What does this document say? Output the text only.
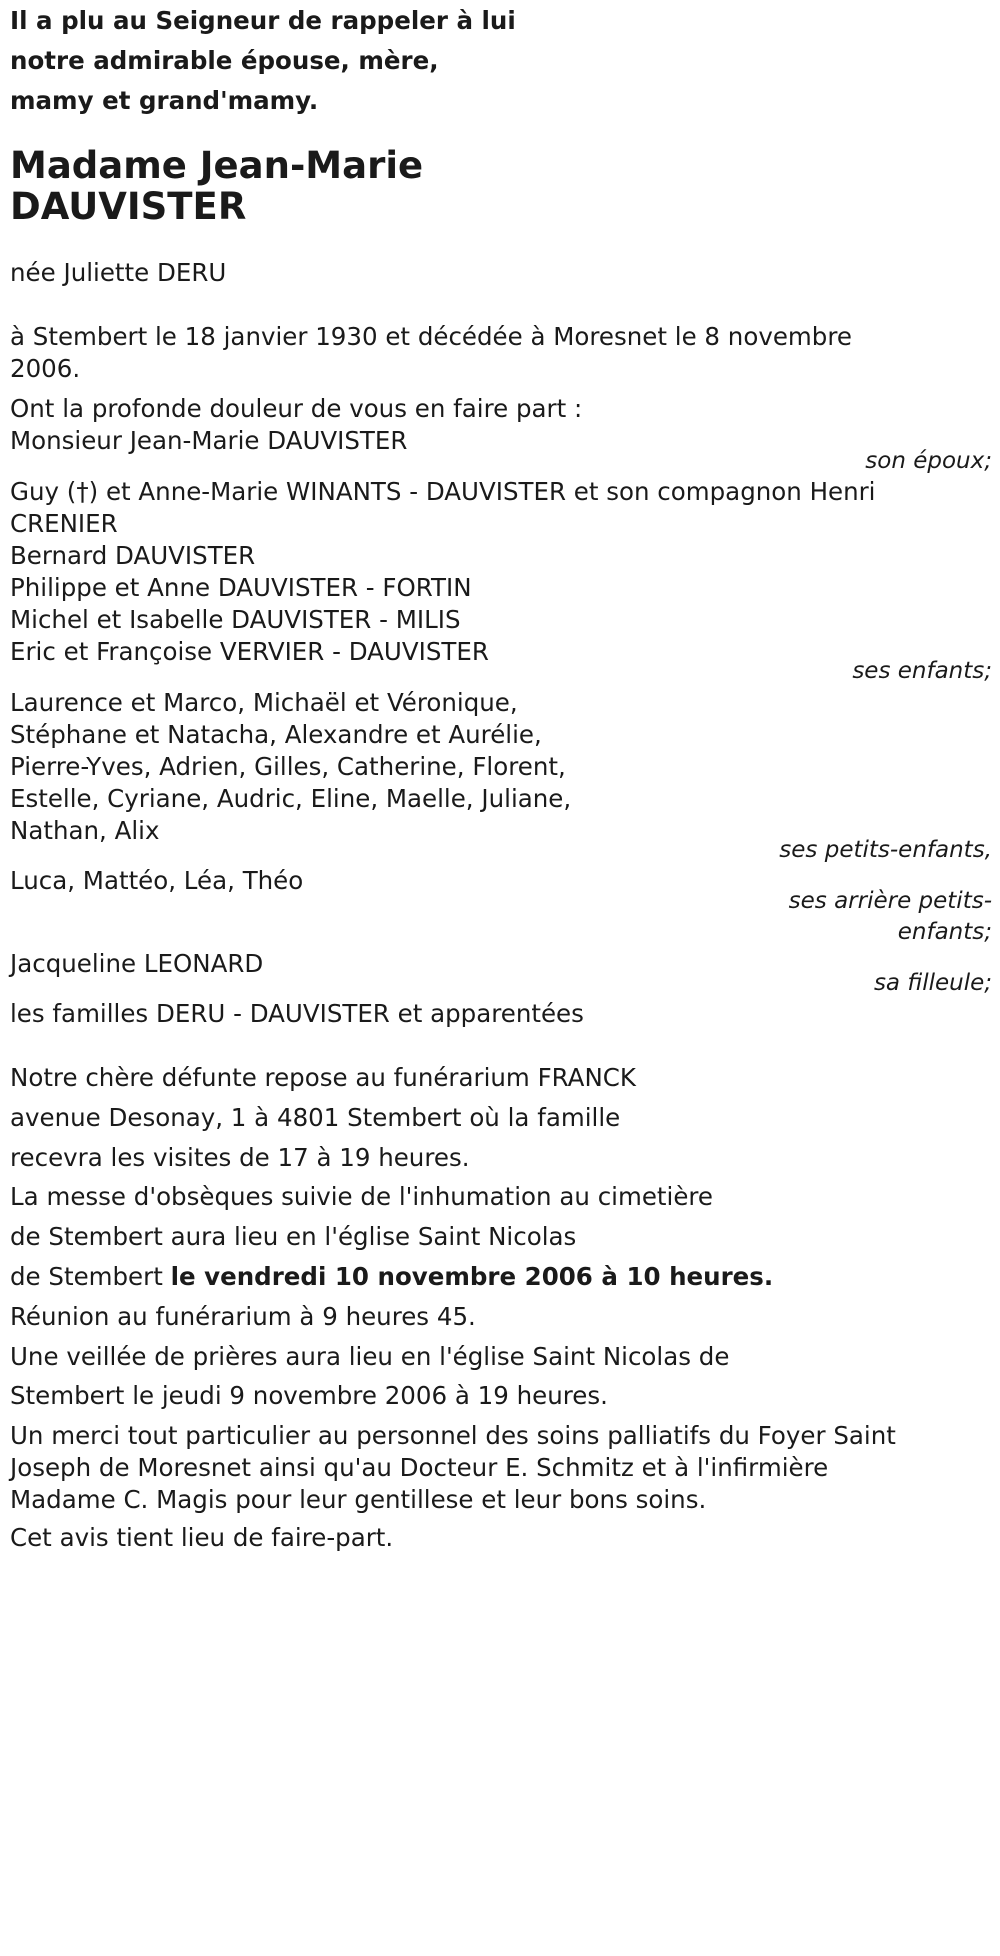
Il a plu au Seigneur de rappeler à lui
notre admirable épouse, mère,
mamy et grand'mamy.
Madame Jean-Marie
DAUVISTER
née Juliette DERU
à Stembert le 18 janvier 1930 et décédée à Moresnet le 8 novembre
2006.
Ont la profonde douleur de vous en faire part :
Monsieur Jean-Marie DAUVISTER
son époux;
Guy (†) et Anne-Marie WINANTS - DAUVISTER et son compagnon Henri
CRENIER
Bernard DAUVISTER
Philippe et Anne DAUVISTER - FORTIN
Michel et Isabelle DAUVISTER - MILIS
Eric et Françoise VERVIER - DAUVISTER
ses enfants;
Laurence et Marco, Michaël et Véronique,
Stéphane et Natacha, Alexandre et Aurélie,
Pierre-Yves, Adrien, Gilles, Catherine, Florent,
Estelle, Cyriane, Audric, Eline, Maelle, Juliane,
Nathan, Alix
ses petits-enfants,
Luca, Mattéo, Léa, Théo
ses arrière petits-
enfants;
Jacqueline LEONARD
sa filleule;
les familles DERU - DAUVISTER et apparentées
Notre chère défunte repose au funérarium FRANCK
avenue Desonay, 1 à 4801 Stembert où la famille
recevra les visites de 17 à 19 heures.
La messe d'obsèques suivie de l'inhumation au cimetière
de Stembert aura lieu en l'église Saint Nicolas
de Stembert le vendredi 10 novembre 2006 à 10 heures.
Réunion au funérarium à 9 heures 45.
Une veillée de prières aura lieu en l'église Saint Nicolas de
Stembert le jeudi 9 novembre 2006 à 19 heures.
Un merci tout particulier au personnel des soins palliatifs du Foyer Saint
Joseph de Moresnet ainsi qu'au Docteur E. Schmitz et à l'infirmière
Madame C. Magis pour leur gentillese et leur bons soins.
Cet avis tient lieu de faire-part.
